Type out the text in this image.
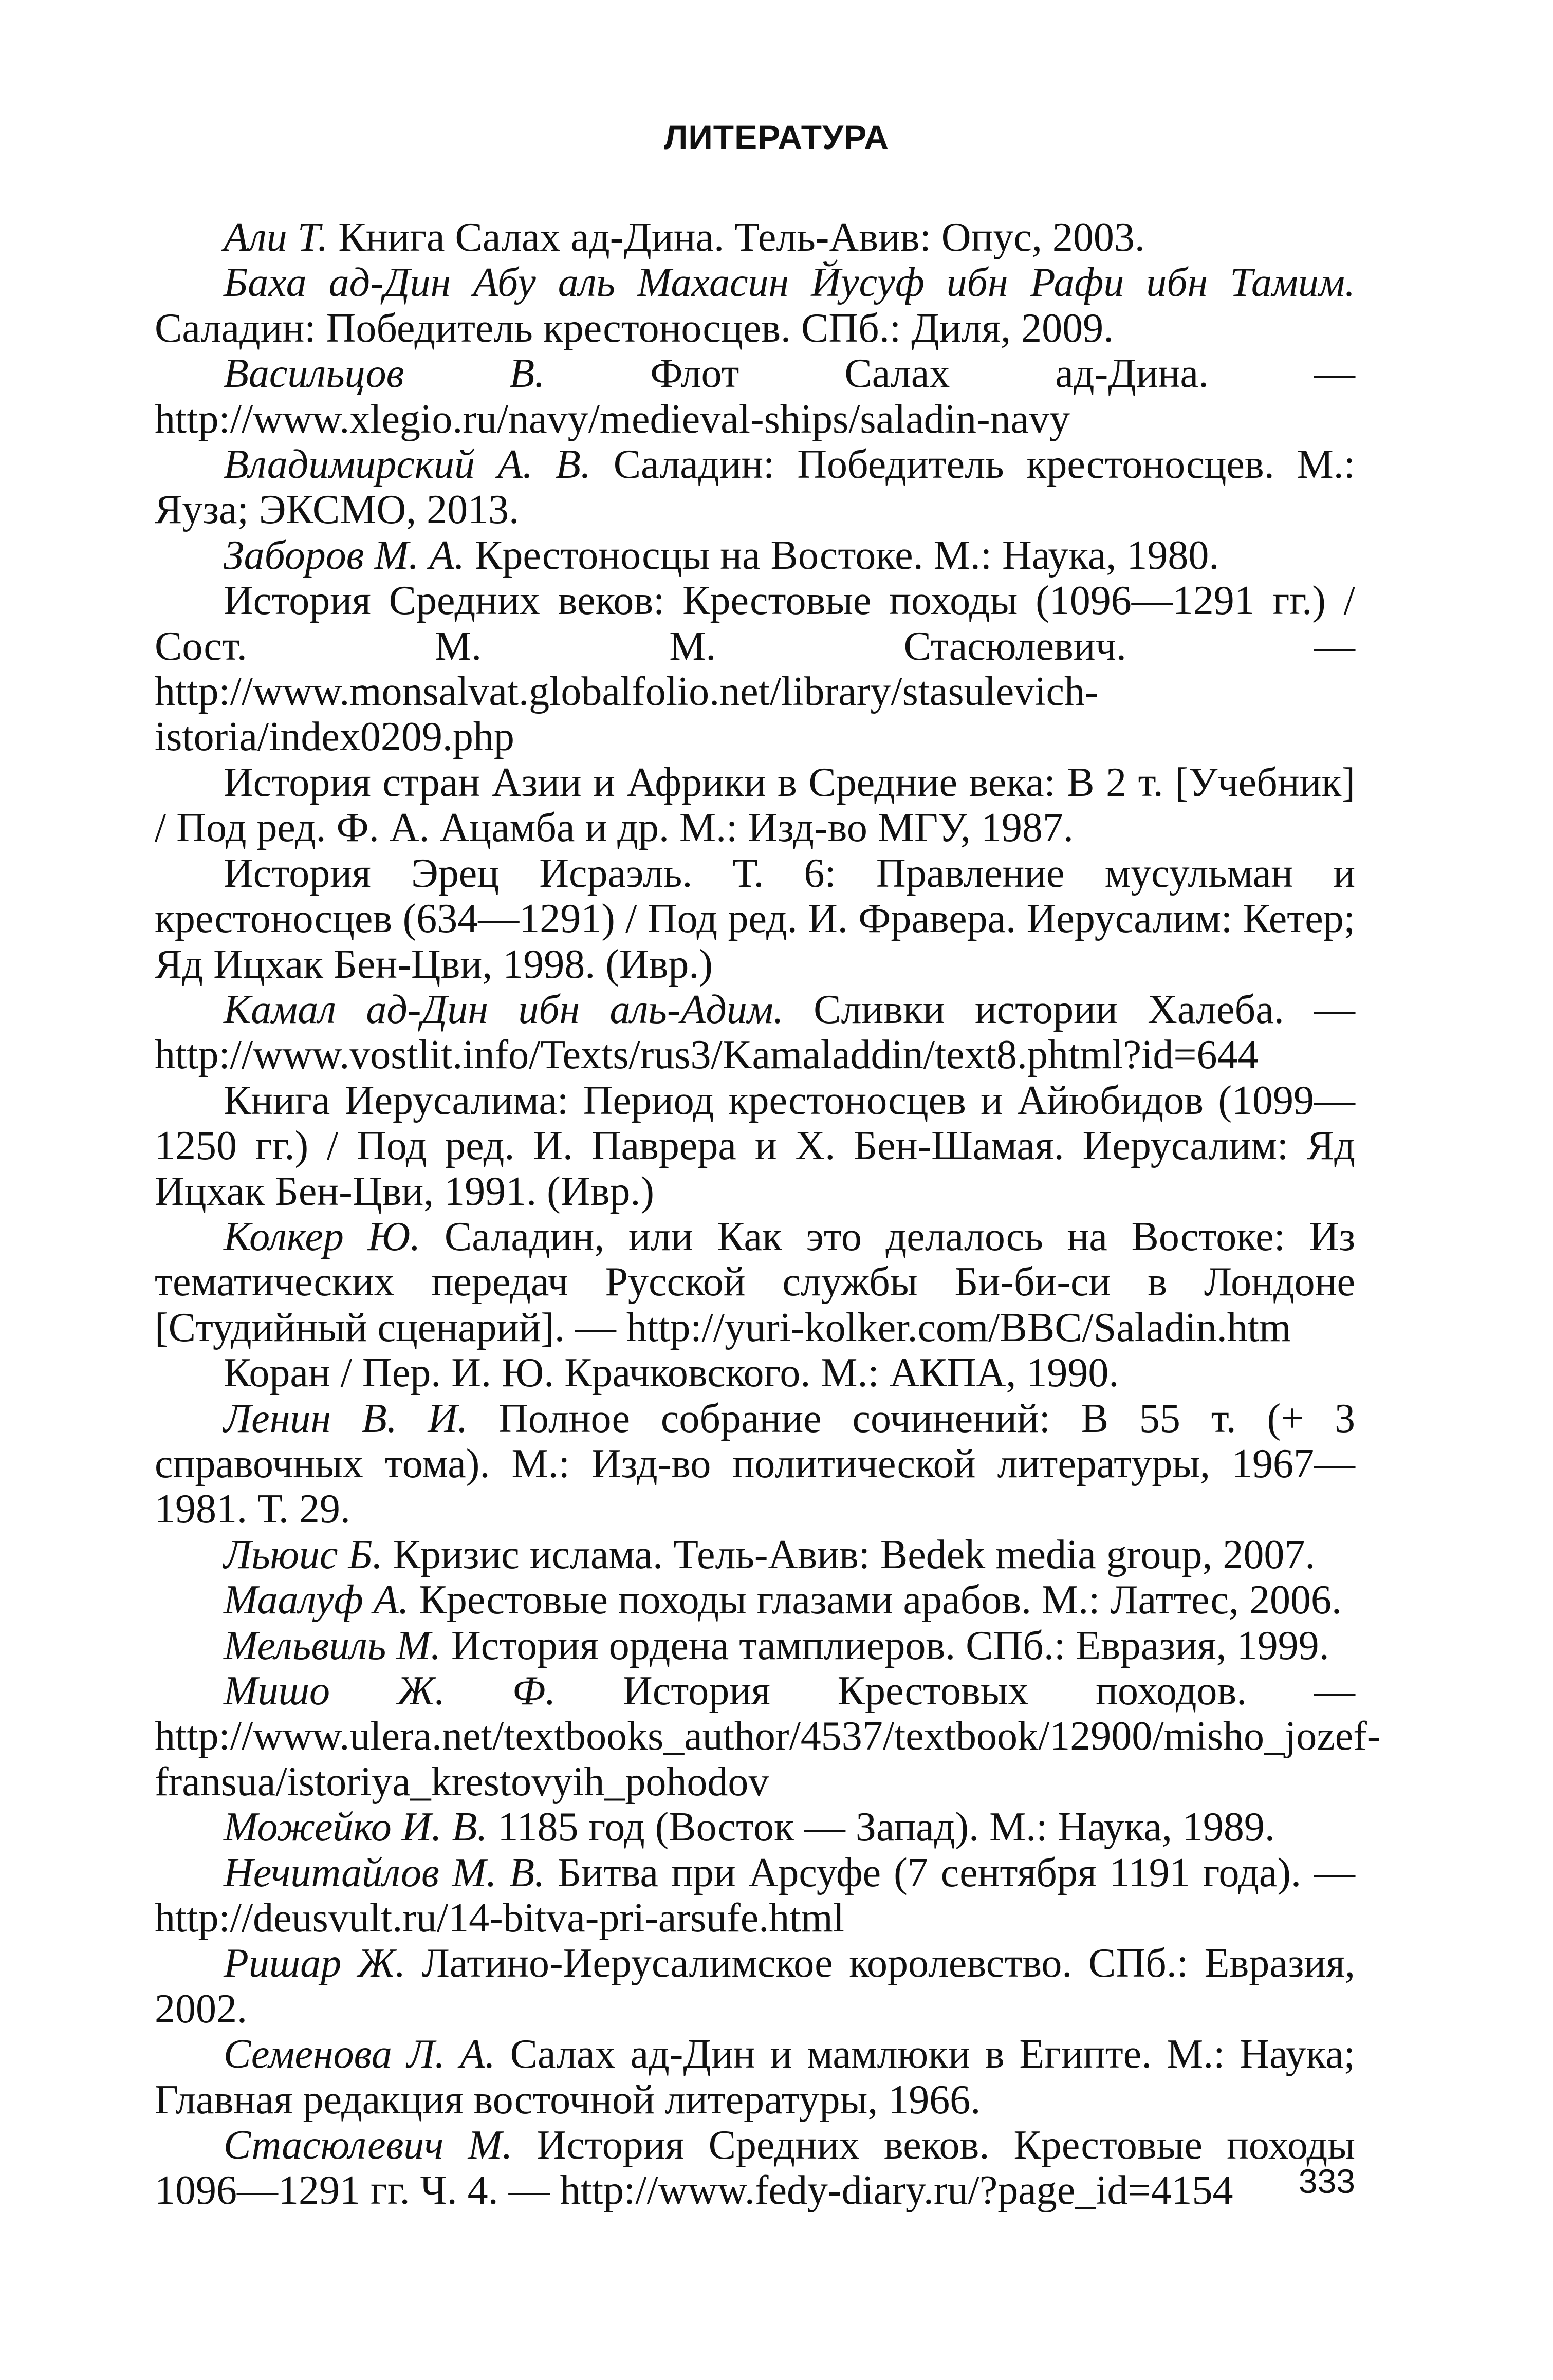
ЛИТЕРАТУРА
Али Т. Книга Салах ад-Дина. Тель-Авив: Опус, 2003.
Баха ад-Дин Абу аль Махасин Йусуф ибн Рафи ибн Тамим. Саладин: Победитель крестоносцев. СПб.: Диля, 2009.
Васильцов В. Флот Салах ад-Дина. — http://www.xlegio.ru/navy/medieval-ships/saladin-navy
Владимирский А. В. Саладин: Победитель крестоносцев. М.: Яуза; ЭКСМО, 2013.
Заборов М. А. Крестоносцы на Востоке. М.: Наука, 1980.
История Средних веков: Крестовые походы (1096—1291 гг.) / Сост. М. М. Стасюлевич. — http://www.monsalvat.globalfolio.net/library/stasulevich-istoria/index0209.php
История стран Азии и Африки в Средние века: В 2 т. [Учебник] / Под ред. Ф. А. Ацамба и др. М.: Изд-во МГУ, 1987.
История Эрец Исраэль. Т. 6: Правление мусульман и крестоносцев (634—1291) / Под ред. И. Фравера. Иерусалим: Кетер; Яд Ицхак Бен-Цви, 1998. (Ивр.)
Камал ад-Дин ибн аль-Адим. Сливки истории Халеба. — http://www.vostlit.info/Texts/rus3/Kamaladdin/text8.phtml?id=644
Книга Иерусалима: Период крестоносцев и Айюбидов (1099—1250 гг.) / Под ред. И. Паврера и Х. Бен-Шамая. Иерусалим: Яд Ицхак Бен-Цви, 1991. (Ивр.)
Колкер Ю. Саладин, или Как это делалось на Востоке: Из тематических передач Русской службы Би-би-си в Лондоне [Студийный сценарий]. — http://yuri-kolker.com/BBC/Saladin.htm
Коран / Пер. И. Ю. Крачковского. М.: АКПА, 1990.
Ленин В. И. Полное собрание сочинений: В 55 т. (+ 3 справочных тома). М.: Изд-во политической литературы, 1967—1981. Т. 29.
Льюис Б. Кризис ислама. Тель-Авив: Bedek media group, 2007.
Маалуф А. Крестовые походы глазами арабов. М.: Латтес, 2006.
Мельвиль М. История ордена тамплиеров. СПб.: Евразия, 1999.
Мишо Ж. Ф. История Крестовых походов. — http://www.ulera.net/textbooks_author/4537/textbook/12900/misho_jozef-fransua/istoriya_krestovyih_pohodov
Можейко И. В. 1185 год (Восток — Запад). М.: Наука, 1989.
Нечитайлов М. В. Битва при Арсуфе (7 сентября 1191 года). — http://deusvult.ru/14-bitva-pri-arsufe.html
Ришар Ж. Латино-Иерусалимское королевство. СПб.: Евразия, 2002.
Семенова Л. А. Салах ад-Дин и мамлюки в Египте. М.: Наука; Главная редакция восточной литературы, 1966.
Стасюлевич М. История Средних веков. Крестовые походы 1096—1291 гг. Ч. 4. — http://www.fedy-diary.ru/?page_id=4154	333
